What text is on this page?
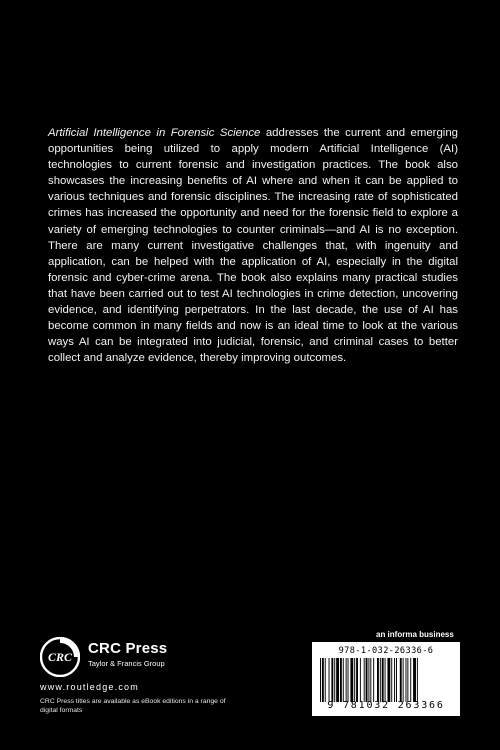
Artificial Intelligence in Forensic Science addresses the current and emerging opportunities being utilized to apply modern Artificial Intelligence (AI) technologies to current forensic and investigation practices. The book also showcases the increasing benefits of AI where and when it can be applied to various techniques and forensic disciplines. The increasing rate of sophisticated crimes has increased the opportunity and need for the forensic field to explore a variety of emerging technologies to counter criminals—and AI is no exception. There are many current investigative challenges that, with ingenuity and application, can be helped with the application of AI, especially in the digital forensic and cyber-crime arena. The book also explains many practical studies that have been carried out to test AI technologies in crime detection, uncovering evidence, and identifying perpetrators. In the last decade, the use of AI has become common in many fields and now is an ideal time to look at the various ways AI can be integrated into judicial, forensic, and criminal cases to better collect and analyze evidence, thereby improving outcomes.

CRC CRC Press
Taylor & Francis Group
www.routledge.com
CRC Press titles are available as eBook editions in a range of digital formats
an informa business
978-1-032-26336-6
9 781032 263366
